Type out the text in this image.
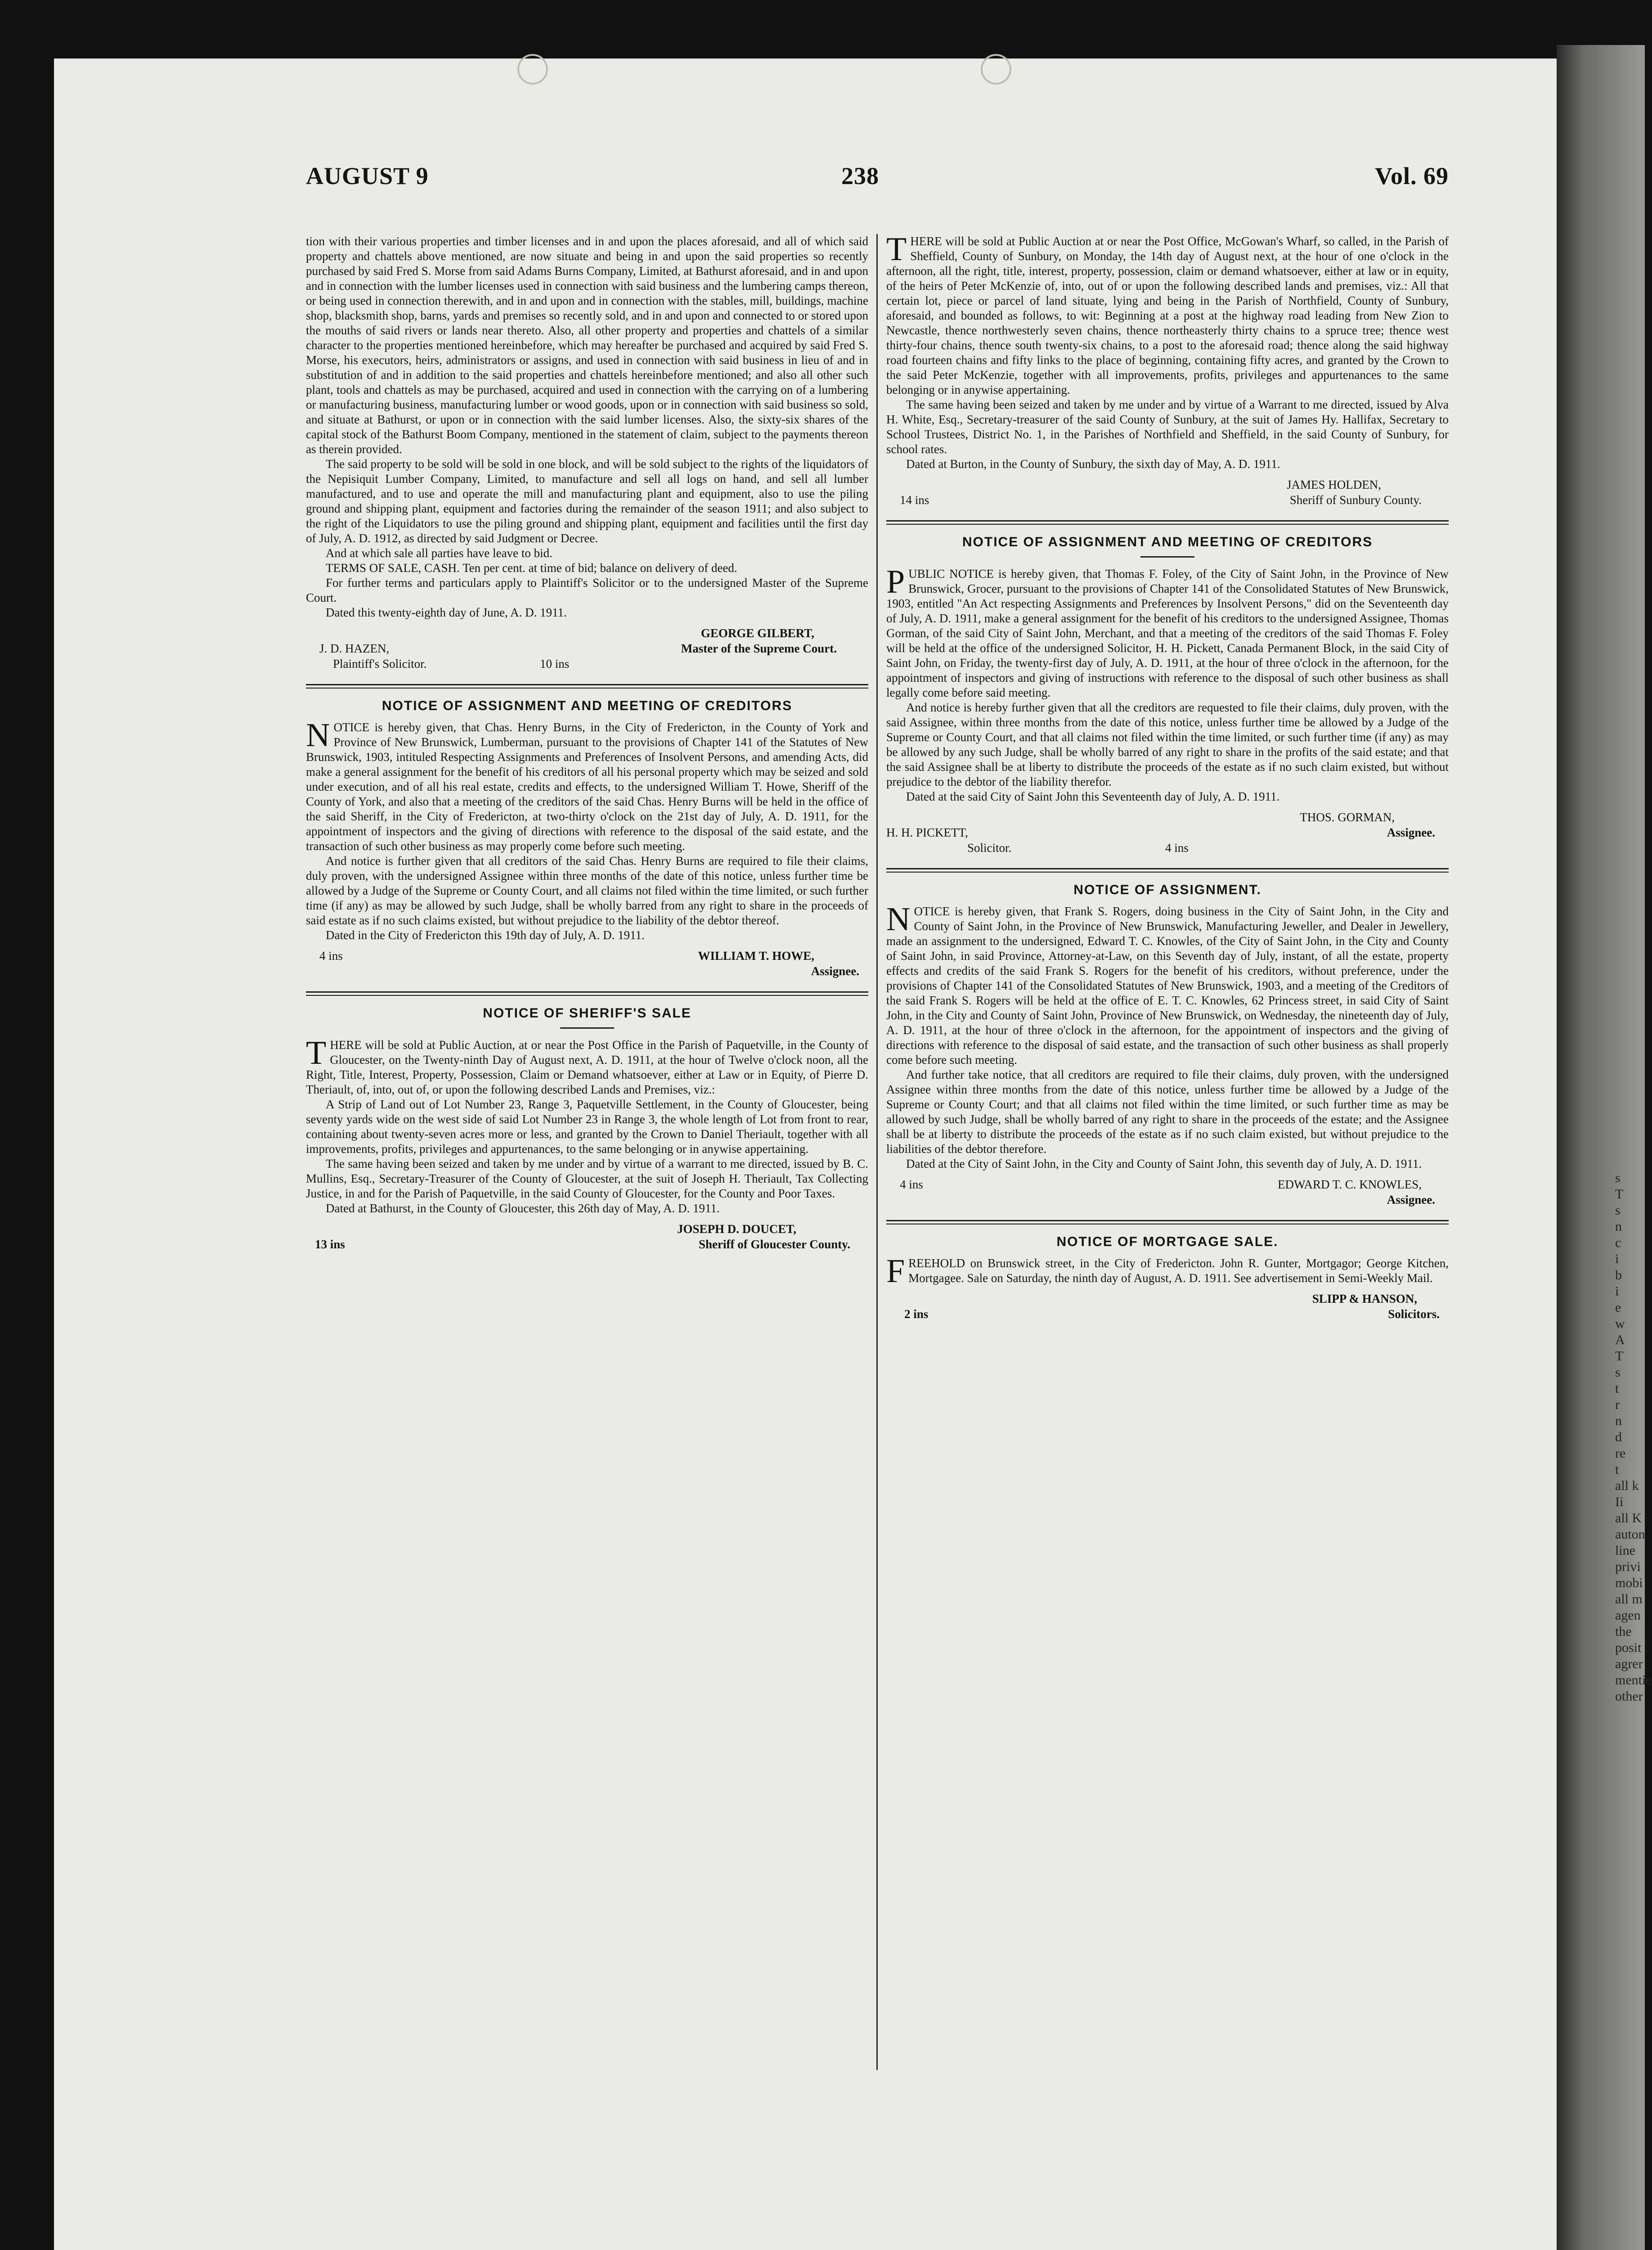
s
T
s
n
c
i
b
i
e
w
A
T
s
t
r
n
d
re
t
all k
Ii
all K
auton
line
privi
mobi
all m
agen
the
posit
agrer
mentie
other
AUGUST 9	238	Vol. 69

tion with their various properties and timber licenses and in and upon the places aforesaid, and all of which said property and chattels above mentioned, are now situate and being in and upon the said properties so recently purchased by said Fred S. Morse from said Adams Burns Company, Limited, at Bathurst aforesaid, and in and upon and in connection with the lumber licenses used in connection with said business and the lumbering camps thereon, or being used in connection therewith, and in and upon and in connection with the stables, mill, buildings, machine shop, blacksmith shop, barns, yards and premises so recently sold, and in and upon and connected to or stored upon the mouths of said rivers or lands near thereto. Also, all other property and properties and chattels of a similar character to the properties mentioned hereinbefore, which may hereafter be purchased and acquired by said Fred S. Morse, his executors, heirs, administrators or assigns, and used in connection with said business in lieu of and in substitution of and in addition to the said properties and chattels hereinbefore mentioned; and also all other such plant, tools and chattels as may be purchased, acquired and used in connection with the carrying on of a lumbering or manufacturing business, manufacturing lumber or wood goods, upon or in connection with said business so sold, and situate at Bathurst, or upon or in connection with the said lumber licenses. Also, the sixty-six shares of the capital stock of the Bathurst Boom Company, mentioned in the statement of claim, subject to the payments thereon as therein provided.

The said property to be sold will be sold in one block, and will be sold subject to the rights of the liquidators of the Nepisiquit Lumber Company, Limited, to manufacture and sell all logs on hand, and sell all lumber manufactured, and to use and operate the mill and manufacturing plant and equipment, also to use the piling ground and shipping plant, equipment and factories during the remainder of the season 1911; and also subject to the right of the Liquidators to use the piling ground and shipping plant, equipment and facilities until the first day of July, A. D. 1912, as directed by said Judgment or Decree.

And at which sale all parties have leave to bid.

TERMS OF SALE, CASH. Ten per cent. at time of bid; balance on delivery of deed.

For further terms and particulars apply to Plaintiff's Solicitor or to the undersigned Master of the Supreme Court.

Dated this twenty-eighth day of June, A. D. 1911.

GEORGE GILBERT,
J. D. HAZEN,	Master of the Supreme Court.
Plaintiff's Solicitor.	10 ins
NOTICE OF ASSIGNMENT AND MEETING OF CREDITORS
N OTICE is hereby given, that Chas. Henry Burns, in the City of Fredericton, in the County of York and Province of New Brunswick, Lumberman, pursuant to the provisions of Chapter 141 of the Statutes of New Brunswick, 1903, intituled Respecting Assignments and Preferences of Insolvent Persons, and amending Acts, did make a general assignment for the benefit of his creditors of all his personal property which may be seized and sold under execution, and of all his real estate, credits and effects, to the undersigned William T. Howe, Sheriff of the County of York, and also that a meeting of the creditors of the said Chas. Henry Burns will be held in the office of the said Sheriff, in the City of Fredericton, at two-thirty o'clock on the 21st day of July, A. D. 1911, for the appointment of inspectors and the giving of directions with reference to the disposal of the said estate, and the transaction of such other business as may properly come before such meeting.

And notice is further given that all creditors of the said Chas. Henry Burns are required to file their claims, duly proven, with the undersigned Assignee within three months of the date of this notice, unless further time be allowed by a Judge of the Supreme or County Court, and all claims not filed within the time limited, or such further time (if any) as may be allowed by such Judge, shall be wholly barred from any right to share in the proceeds of said estate as if no such claims existed, but without prejudice to the liability of the debtor thereof.

Dated in the City of Fredericton this 19th day of July, A. D. 1911.

4 ins	WILLIAM T. HOWE,
Assignee.
NOTICE OF SHERIFF'S SALE
T HERE will be sold at Public Auction, at or near the Post Office in the Parish of Paquetville, in the County of Gloucester, on the Twenty-ninth Day of August next, A. D. 1911, at the hour of Twelve o'clock noon, all the Right, Title, Interest, Property, Possession, Claim or Demand whatsoever, either at Law or in Equity, of Pierre D. Theriault, of, into, out of, or upon the following described Lands and Premises, viz.:

A Strip of Land out of Lot Number 23, Range 3, Paquetville Settlement, in the County of Gloucester, being seventy yards wide on the west side of said Lot Number 23 in Range 3, the whole length of Lot from front to rear, containing about twenty-seven acres more or less, and granted by the Crown to Daniel Theriault, together with all improvements, profits, privileges and appurtenances, to the same belonging or in anywise appertaining.

The same having been seized and taken by me under and by virtue of a warrant to me directed, issued by B. C. Mullins, Esq., Secretary-Treasurer of the County of Gloucester, at the suit of Joseph H. Theriault, Tax Collecting Justice, in and for the Parish of Paquetville, in the said County of Gloucester, for the County and Poor Taxes.

Dated at Bathurst, in the County of Gloucester, this 26th day of May, A. D. 1911.

JOSEPH D. DOUCET,
13 ins	Sheriff of Gloucester County.
T HERE will be sold at Public Auction at or near the Post Office, McGowan's Wharf, so called, in the Parish of Sheffield, County of Sunbury, on Monday, the 14th day of August next, at the hour of one o'clock in the afternoon, all the right, title, interest, property, possession, claim or demand whatsoever, either at law or in equity, of the heirs of Peter McKenzie of, into, out of or upon the following described lands and premises, viz.: All that certain lot, piece or parcel of land situate, lying and being in the Parish of Northfield, County of Sunbury, aforesaid, and bounded as follows, to wit: Beginning at a post at the highway road leading from New Zion to Newcastle, thence northwesterly seven chains, thence northeasterly thirty chains to a spruce tree; thence west thirty-four chains, thence south twenty-six chains, to a post to the aforesaid road; thence along the said highway road fourteen chains and fifty links to the place of beginning, containing fifty acres, and granted by the Crown to the said Peter McKenzie, together with all improvements, profits, privileges and appurtenances to the same belonging or in anywise appertaining.

The same having been seized and taken by me under and by virtue of a Warrant to me directed, issued by Alva H. White, Esq., Secretary-treasurer of the said County of Sunbury, at the suit of James Hy. Hallifax, Secretary to School Trustees, District No. 1, in the Parishes of Northfield and Sheffield, in the said County of Sunbury, for school rates.

Dated at Burton, in the County of Sunbury, the sixth day of May, A. D. 1911.

JAMES HOLDEN,
14 ins	Sheriff of Sunbury County.
NOTICE OF ASSIGNMENT AND MEETING OF CREDITORS
P UBLIC NOTICE is hereby given, that Thomas F. Foley, of the City of Saint John, in the Province of New Brunswick, Grocer, pursuant to the provisions of Chapter 141 of the Consolidated Statutes of New Brunswick, 1903, entitled "An Act respecting Assignments and Preferences by Insolvent Persons," did on the Seventeenth day of July, A. D. 1911, make a general assignment for the benefit of his creditors to the undersigned Assignee, Thomas Gorman, of the said City of Saint John, Merchant, and that a meeting of the creditors of the said Thomas F. Foley will be held at the office of the undersigned Solicitor, H. H. Pickett, Canada Permanent Block, in the said City of Saint John, on Friday, the twenty-first day of July, A. D. 1911, at the hour of three o'clock in the afternoon, for the appointment of inspectors and giving of instructions with reference to the disposal of such other business as shall legally come before said meeting.

And notice is hereby further given that all the creditors are requested to file their claims, duly proven, with the said Assignee, within three months from the date of this notice, unless further time be allowed by a Judge of the Supreme or County Court, and that all claims not filed within the time limited, or such further time (if any) as may be allowed by any such Judge, shall be wholly barred of any right to share in the profits of the said estate; and that the said Assignee shall be at liberty to distribute the proceeds of the estate as if no such claim existed, but without prejudice to the debtor of the liability therefor.

Dated at the said City of Saint John this Seventeenth day of July, A. D. 1911.

THOS. GORMAN,
H. H. PICKETT,	Assignee.
Solicitor.	4 ins
NOTICE OF ASSIGNMENT.
N OTICE is hereby given, that Frank S. Rogers, doing business in the City of Saint John, in the City and County of Saint John, in the Province of New Brunswick, Manufacturing Jeweller, and Dealer in Jewellery, made an assignment to the undersigned, Edward T. C. Knowles, of the City of Saint John, in the City and County of Saint John, in said Province, Attorney-at-Law, on this Seventh day of July, instant, of all the estate, property effects and credits of the said Frank S. Rogers for the benefit of his creditors, without preference, under the provisions of Chapter 141 of the Consolidated Statutes of New Brunswick, 1903, and a meeting of the Creditors of the said Frank S. Rogers will be held at the office of E. T. C. Knowles, 62 Princess street, in said City of Saint John, in the City and County of Saint John, Province of New Brunswick, on Wednesday, the nineteenth day of July, A. D. 1911, at the hour of three o'clock in the afternoon, for the appointment of inspectors and the giving of directions with reference to the disposal of said estate, and the transaction of such other business as shall properly come before such meeting.

And further take notice, that all creditors are required to file their claims, duly proven, with the undersigned Assignee within three months from the date of this notice, unless further time be allowed by a Judge of the Supreme or County Court; and that all claims not filed within the time limited, or such further time as may be allowed by such Judge, shall be wholly barred of any right to share in the proceeds of the estate; and the Assignee shall be at liberty to distribute the proceeds of the estate as if no such claim existed, but without prejudice to the liabilities of the debtor therefore.

Dated at the City of Saint John, in the City and County of Saint John, this seventh day of July, A. D. 1911.

4 ins	EDWARD T. C. KNOWLES,
Assignee.
NOTICE OF MORTGAGE SALE.
F REEHOLD on Brunswick street, in the City of Fredericton. John R. Gunter, Mortgagor; George Kitchen, Mortgagee. Sale on Saturday, the ninth day of August, A. D. 1911. See advertisement in Semi-Weekly Mail.

SLIPP & HANSON,
2 ins	Solicitors.
